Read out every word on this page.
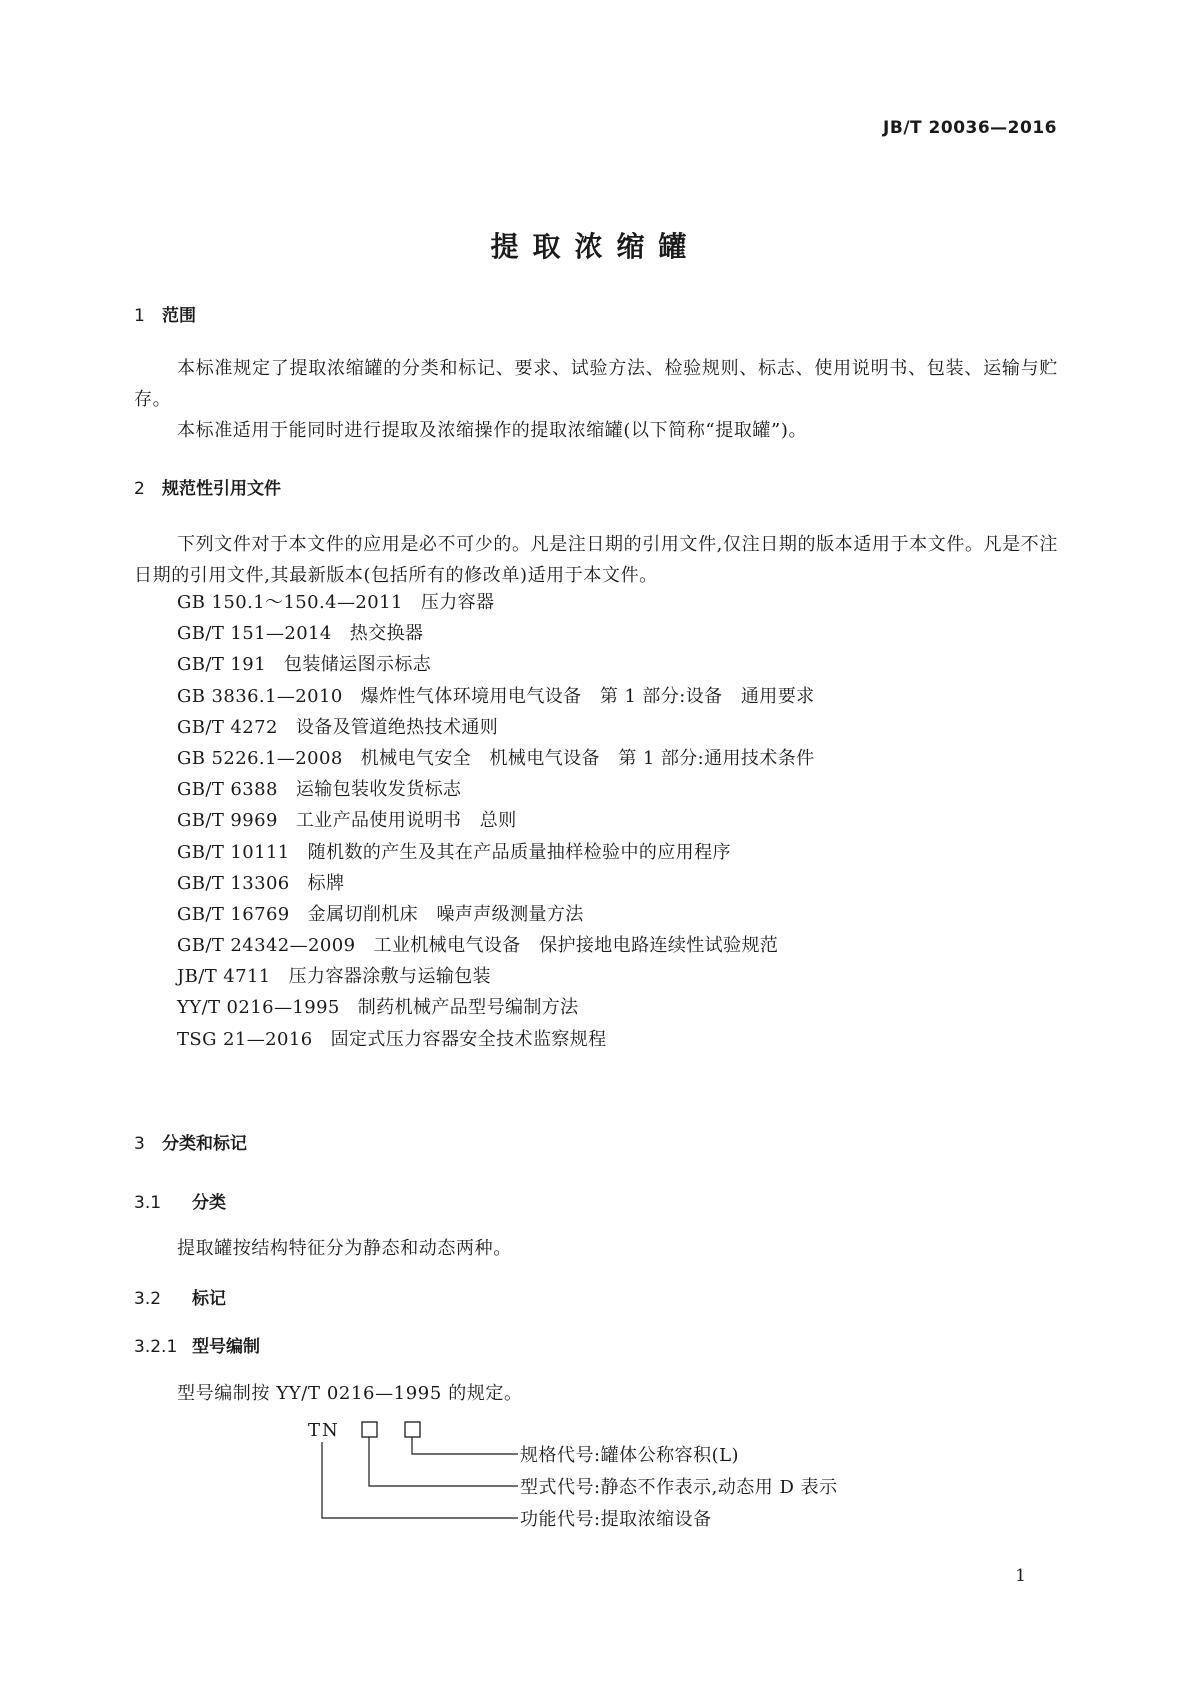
JB/T 20036—2016
提取浓缩罐
1 范围
本标准规定了提取浓缩罐的分类和标记、要求、试验方法、检验规则、标志、使用说明书、包装、运输与贮存。
本标准适用于能同时进行提取及浓缩操作的提取浓缩罐(以下简称“提取罐”)。
2 规范性引用文件
下列文件对于本文件的应用是必不可少的。凡是注日期的引用文件,仅注日期的版本适用于本文件。凡是不注日期的引用文件,其最新版本(包括所有的修改单)适用于本文件。
GB 150.1～150.4—2011 压力容器
GB/T 151—2014 热交换器
GB/T 191 包装储运图示标志
GB 3836.1—2010 爆炸性气体环境用电气设备　第 1 部分:设备　通用要求
GB/T 4272 设备及管道绝热技术通则
GB 5226.1—2008 机械电气安全　机械电气设备　第 1 部分:通用技术条件
GB/T 6388 运输包装收发货标志
GB/T 9969 工业产品使用说明书　总则
GB/T 10111 随机数的产生及其在产品质量抽样检验中的应用程序
GB/T 13306 标牌
GB/T 16769 金属切削机床　噪声声级测量方法
GB/T 24342—2009 工业机械电气设备　保护接地电路连续性试验规范
JB/T 4711 压力容器涂敷与运输包装
YY/T 0216—1995 制药机械产品型号编制方法
TSG 21—2016 固定式压力容器安全技术监察规程
3 分类和标记
3.1 分类
提取罐按结构特征分为静态和动态两种。
3.2 标记
3.2.1 型号编制
型号编制按 YY/T 0216—1995 的规定。
TN
规格代号:罐体公称容积(L)
型式代号:静态不作表示,动态用 D 表示
功能代号:提取浓缩设备
1
